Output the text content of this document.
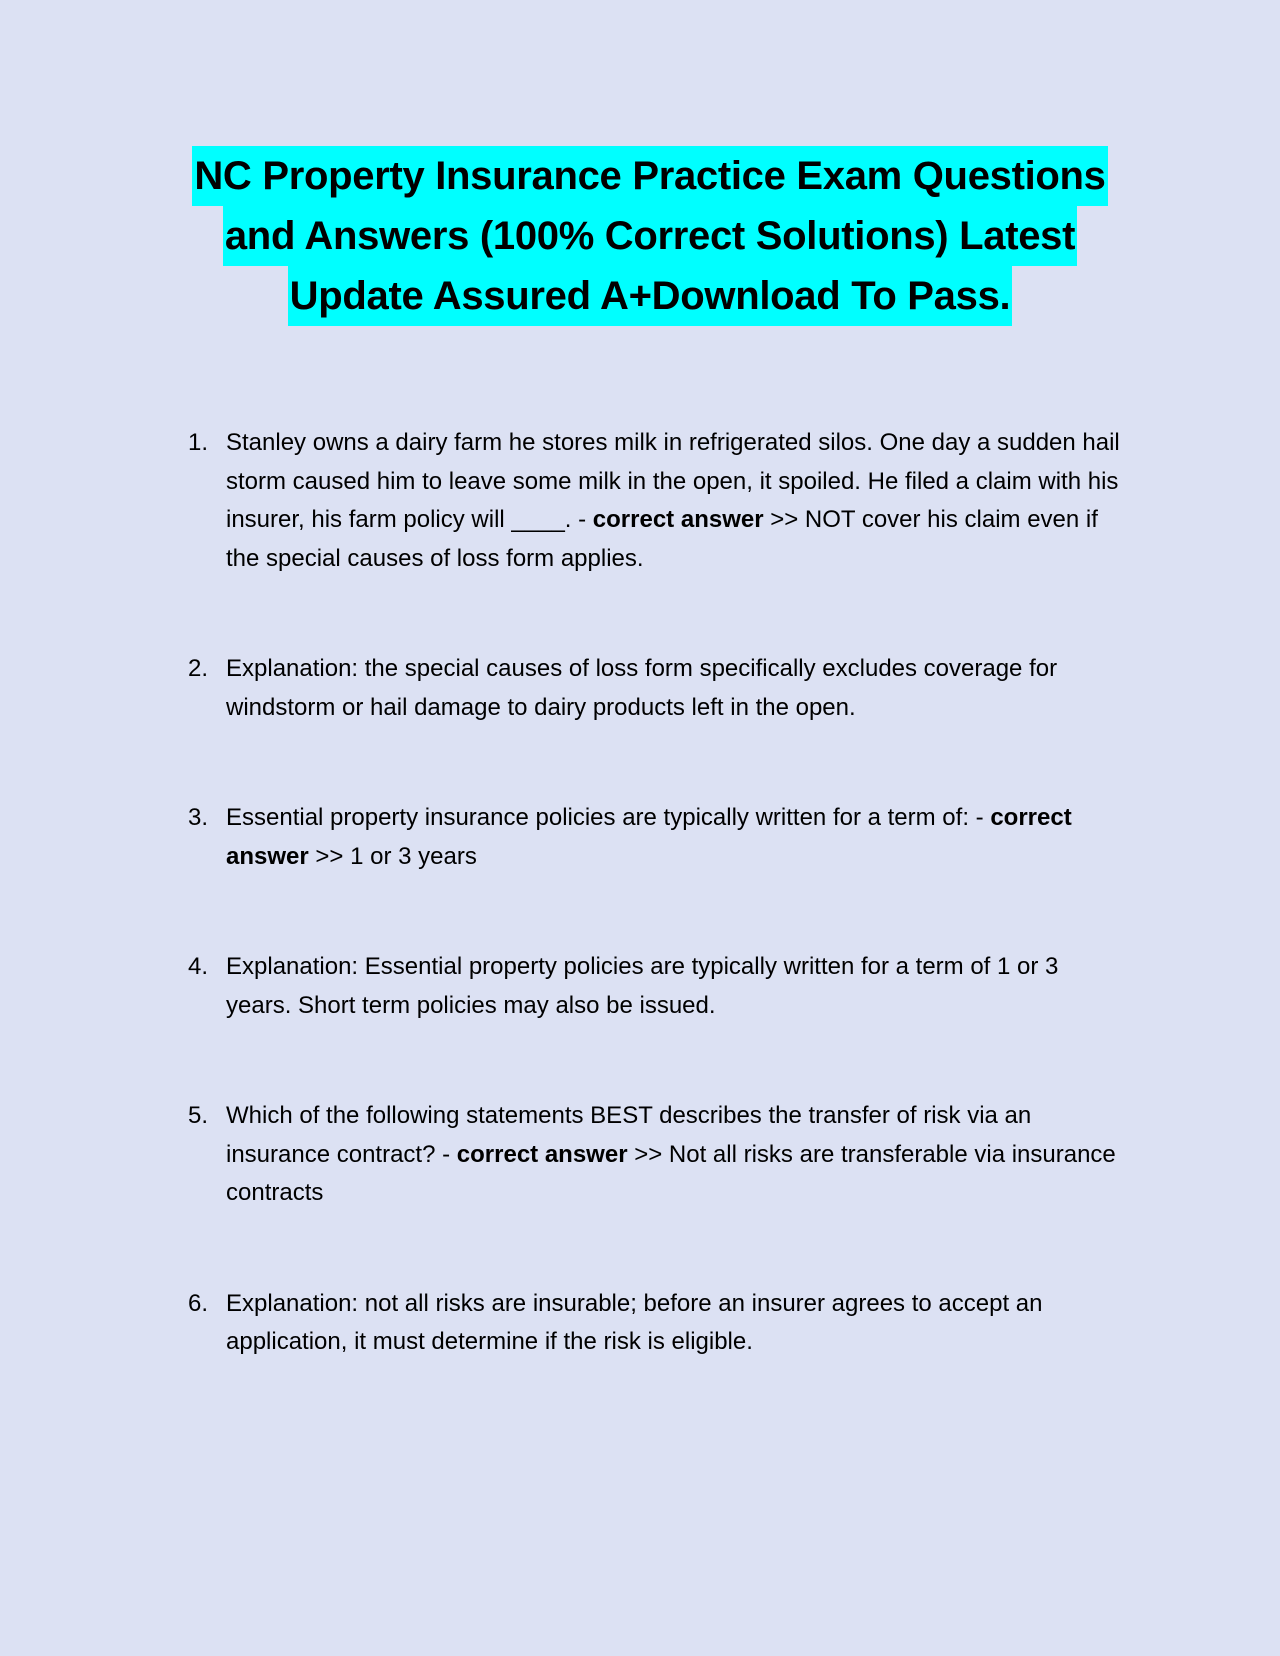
NC Property Insurance Practice Exam Questions
and Answers (100% Correct Solutions) Latest
Update Assured A+Download To Pass.
1. Stanley owns a dairy farm he stores milk in refrigerated silos. One day a sudden hail storm caused him to leave some milk in the open, it spoiled. He filed a claim with his insurer, his farm policy will ____. - correct answer >> NOT cover his claim even if the special causes of loss form applies.
2. Explanation: the special causes of loss form specifically excludes coverage for windstorm or hail damage to dairy products left in the open.
3. Essential property insurance policies are typically written for a term of: - correct answer >> 1 or 3 years
4. Explanation: Essential property policies are typically written for a term of 1 or 3 years. Short term policies may also be issued.
5. Which of the following statements BEST describes the transfer of risk via an insurance contract? - correct answer >> Not all risks are transferable via insurance contracts
6. Explanation: not all risks are insurable; before an insurer agrees to accept an application, it must determine if the risk is eligible.
